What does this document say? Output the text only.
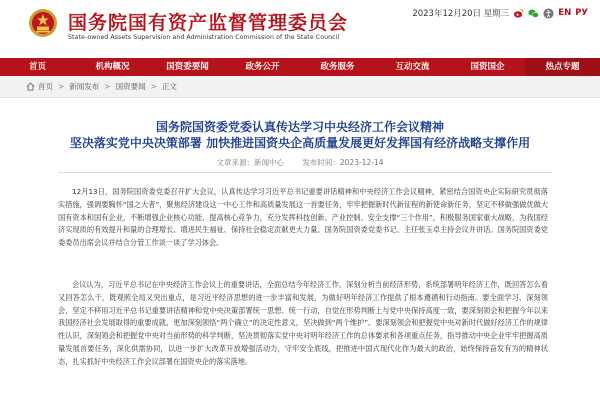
国务院国有资产监督管理委员会
State-owned Assets Supervision and Administration Commission of the State Council
2023年12月20日 星期三	EN РУ
首页	机构概况	国资委要闻	政务公开	政务服务	互动交流	国资国企	热点专题
首页 > 新闻发布 > 国资要闻 > 正文
国务院国资委党委认真传达学习中央经济工作会议精神
坚决落实党中央决策部署 加快推进国资央企高质量发展更好发挥国有经济战略支撑作用
文章来源：新闻中心 发布时间：2023-12-14
12月13日，国务院国资委党委召开扩大会议，认真传达学习习近平总书记重要讲话精神和中央经济工作会议精神，紧密结合国资央企实际研究贯彻落实措施，强调要胸怀“国之大者”，聚焦经济建设这一中心工作和高质量发展这一首要任务，牢牢把握新时代新征程的新使命新任务，坚定不移做强做优做大国有资本和国有企业，不断增强企业核心功能、提高核心竞争力，充分发挥科技创新、产业控制、安全支撑“三个作用”，积极服务国家重大战略，为我国经济实现质的有效提升和量的合理增长、增进民生福祉、保持社会稳定贡献更大力量。国务院国资委党委书记、主任张玉卓主持会议并讲话。国务院国资委党委委员出席会议并结合分管工作谈一谈了学习体会。
会议认为，习近平总书记在中央经济工作会议上的重要讲话，全面总结今年经济工作，深刻分析当前经济形势，系统部署明年经济工作，既回答怎么看又回答怎么干，既观照全局又突出重点，是习近平经济思想的进一步丰富和发展，为做好明年经济工作提供了根本遵循和行动指南。要全面学习、深刻领会，坚定不移用习近平总书记重要讲话精神和党中央决策部署统一思想、统一行动，自觉在形势判断上与党中央保持高度一致，要深刻领会和把握今年以来我国经济社会发展取得的重要成就，更加深刻领悟“两个确立”的决定性意义，坚决做到“两个维护”。要深刻领会和把握党中央对新时代做好经济工作的规律性认识，深刻领会和把握党中央对当前形势的科学判断，坚决贯彻落实党中央对明年经济工作的总体要求和各项重点任务，指导推动中央企业牢牢把握高质量发展首要任务，深化供需协同，以进一步扩大改革开放增强活动力，守牢安全底线，把推进中国式现代化作为最大的政治，始终保持奋发有为的精神状态，扎实抓好中央经济工作会议部署在国资央企的落实落地。
